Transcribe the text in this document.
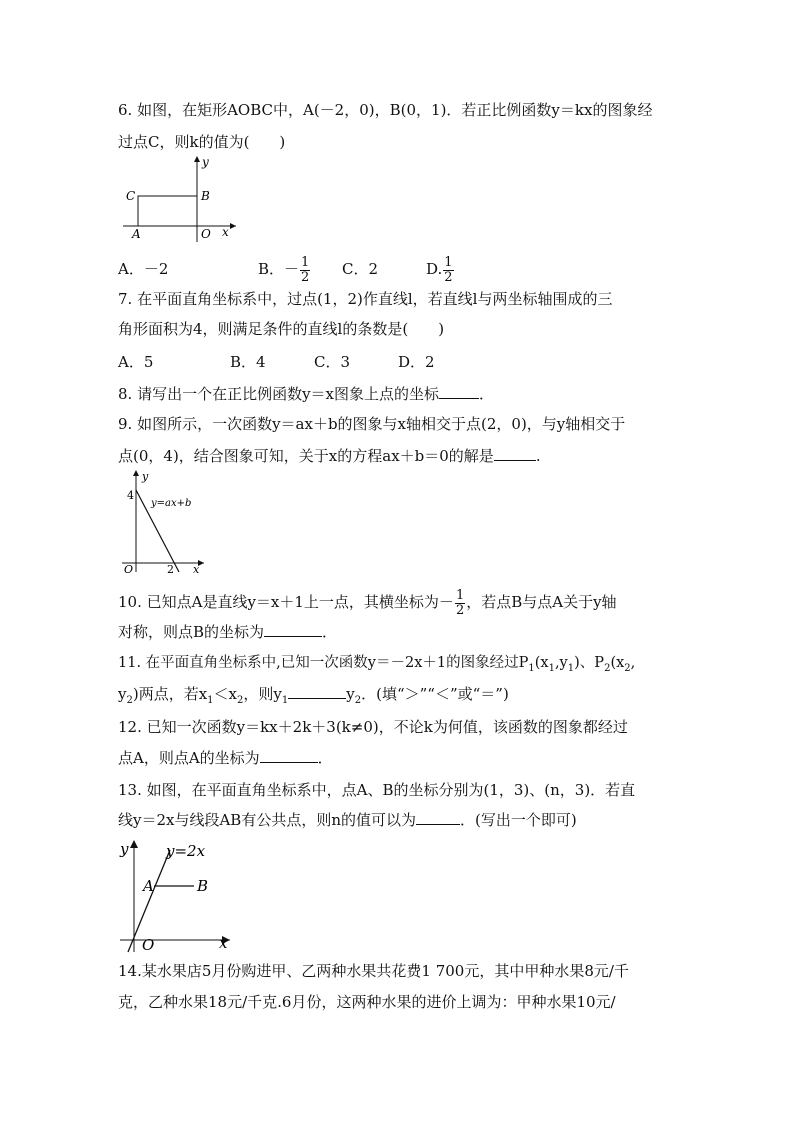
6. 如图，在矩形AOBC中，A(－2，0)，B(0，1)．若正比例函数y＝kx的图象经
过点C，则k的值为(　　)
y
C	B
A	O x
A．－2	B．－ $\frac{1}{2}$ C．2	D. $\frac{1}{2}$
7. 在平面直角坐标系中，过点(1，2)作直线l，若直线l与两坐标轴围成的三
角形面积为4，则满足条件的直线l的条数是(　　)
A．5	B．4	C．3	D．2
8. 请写出一个在正比例函数y＝x图象上点的坐标	．
9. 如图所示，一次函数y＝ax＋b的图象与x轴相交于点(2，0)，与y轴相交于
点(0，4)，结合图象可知，关于x的方程ax＋b＝0的解是	.
y
4
y=ax+b
O	2 x
10. 已知点A是直线y＝x＋1上一点，其横坐标为－ $\frac{1}{2}$ ，若点B与点A关于y轴
对称，则点B的坐标为	．
11. 在平面直角坐标系中,已知一次函数y＝－2x＋1的图象经过$P_1(x_1,y_1)$、$P_2(x_2$,
$y_2$)两点，若$x_1<x_2$，则$y_1$	$y_2$．(填“＞”“＜”或“＝”)
12. 已知一次函数y＝kx＋2k＋3(k≠0)，不论k为何值，该函数的图象都经过
点A，则点A的坐标为	．
13. 如图，在平面直角坐标系中，点A、B的坐标分别为(1，3)、(n，3)．若直
线y＝2x与线段AB有公共点，则n的值可以为	．(写出一个即可)
y	y=2x
A	B
O	x
14.某水果店5月份购进甲、乙两种水果共花费1 700元，其中甲种水果8元/千
克，乙种水果18元/千克.6月份，这两种水果的进价上调为：甲种水果10元/
